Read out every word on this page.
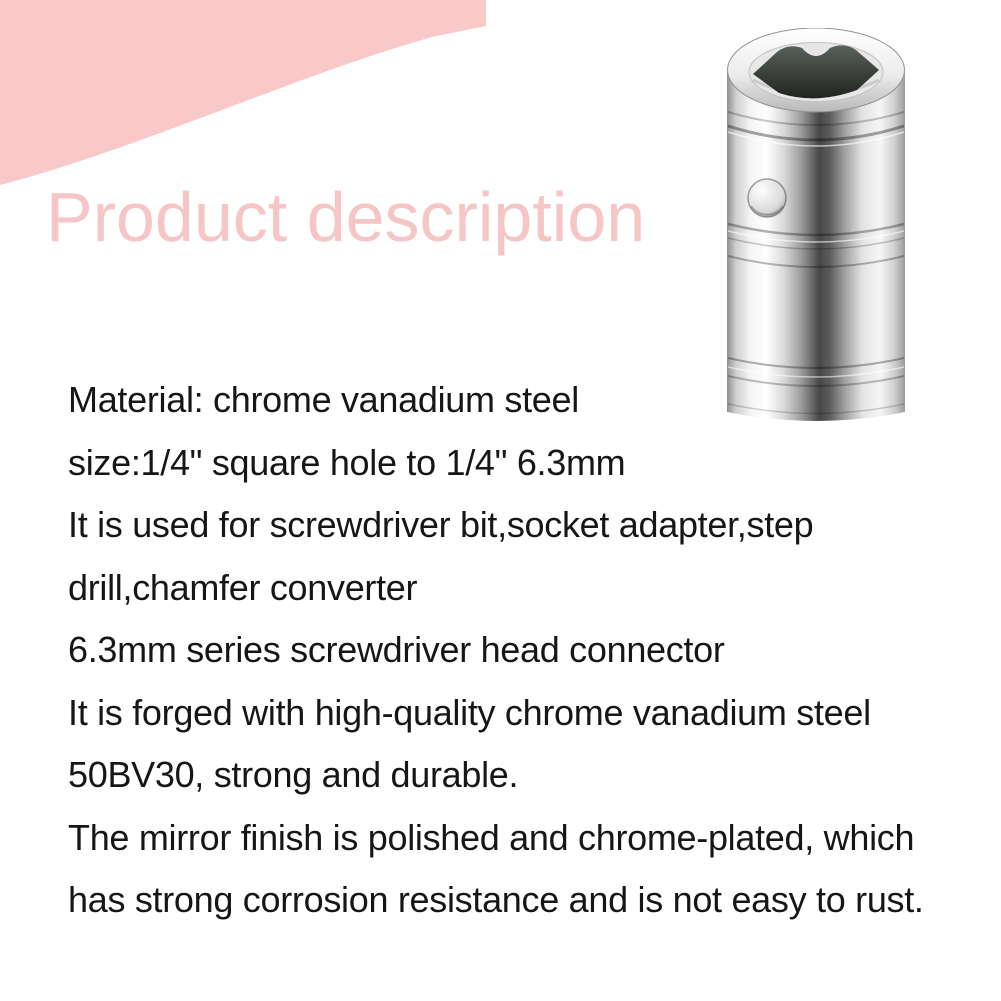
Product description
Material: chrome vanadium steel
size:1/4" square hole to 1/4" 6.3mm
It is used for screwdriver bit,socket adapter,step
drill,chamfer converter
6.3mm series screwdriver head connector
It is forged with high-quality chrome vanadium steel
50BV30, strong and durable.
The mirror finish is polished and chrome-plated, which
has strong corrosion resistance and is not easy to rust.
